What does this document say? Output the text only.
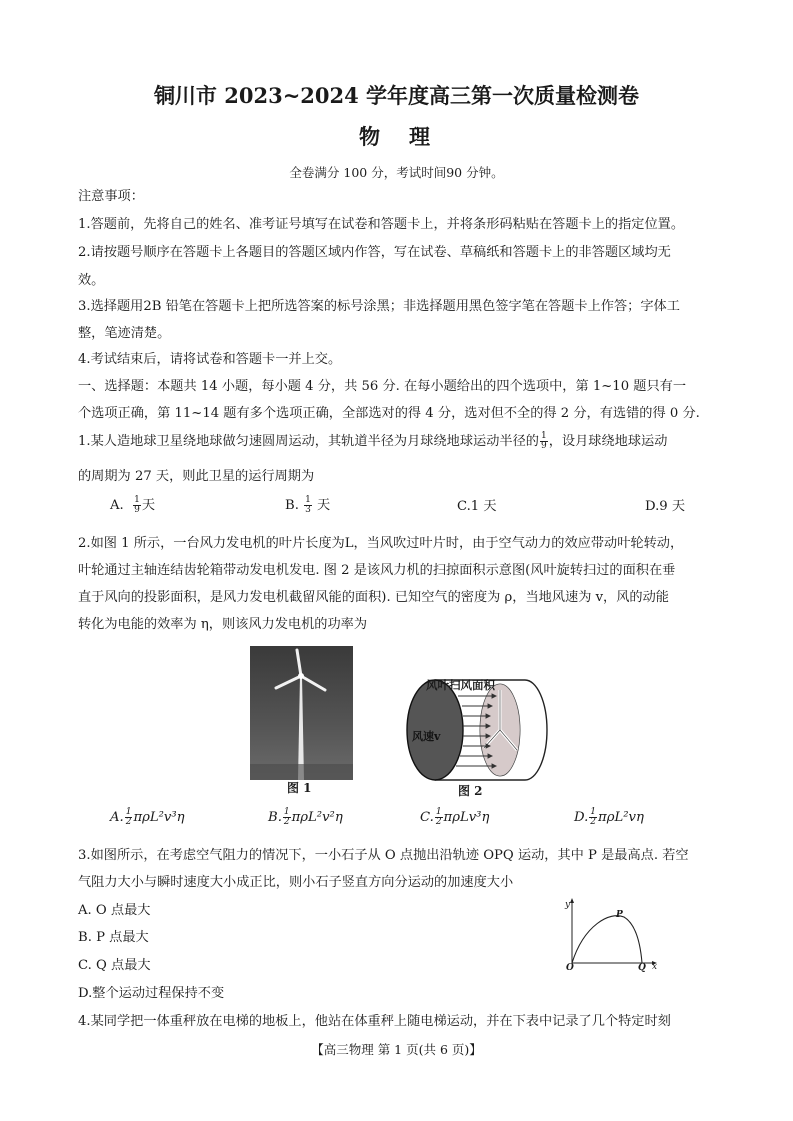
铜川市 2023~2024 学年度高三第一次质量检测卷
物　理
全卷满分 100 分，考试时间90 分钟。
注意事项：
1.答题前，先将自己的姓名、准考证号填写在试卷和答题卡上，并将条形码粘贴在答题卡上的指定位置。
2.请按题号顺序在答题卡上各题目的答题区域内作答，写在试卷、草稿纸和答题卡上的非答题区域均无
效。
3.选择题用2B 铅笔在答题卡上把所选答案的标号涂黑；非选择题用黑色签字笔在答题卡上作答；字体工
整，笔迹清楚。
4.考试结束后，请将试卷和答题卡一并上交。
一、选择题：本题共 14 小题，每小题 4 分，共 56 分. 在每小题给出的四个选项中，第 1~10 题只有一
个选项正确，第 11~14 题有多个选项正确，全部选对的得 4 分，选对但不全的得 2 分，有选错的得 0 分.
1.某人造地球卫星绕地球做匀速圆周运动，其轨道半径为月球绕地球运动半径的 $\frac{1}{9}$ ，设月球绕地球运动
的周期为 27 天，则此卫星的运行周期为
A. $\frac{1}{9}$ 天	B. $\frac{1}{3}$ 天	C.1 天	D.9 天
2.如图 1 所示，一台风力发电机的叶片长度为L，当风吹过叶片时，由于空气动力的效应带动叶轮转动，
叶轮通过主轴连结齿轮箱带动发电机发电. 图 2 是该风力机的扫掠面积示意图(风叶旋转扫过的面积在垂
直于风向的投影面积，是风力发电机截留风能的面积). 已知空气的密度为 ρ，当地风速为 v，风的动能
转化为电能的效率为 η，则该风力发电机的功率为
图 1
风叶扫风面积
风速v
图 2
A. $\frac{1}{2} \pi\rho L^2v^3\eta$	B. $\frac{1}{2} \pi\rho L^2v^2\eta$	C. $\frac{1}{2} \pi\rho Lv^3\eta$	D. $\frac{1}{2} \pi\rho L^2v\eta$
3.如图所示，在考虑空气阻力的情况下，一小石子从 O 点抛出沿轨迹 OPQ 运动，其中 P 是最高点. 若空
气阻力大小与瞬时速度大小成正比，则小石子竖直方向分运动的加速度大小
A. O 点最大
B. P 点最大
C. Q 点最大
D.整个运动过程保持不变
y
x
O
P
Q
4.某同学把一体重秤放在电梯的地板上，他站在体重秤上随电梯运动，并在下表中记录了几个特定时刻
【高三物理 第 1 页(共 6 页)】
